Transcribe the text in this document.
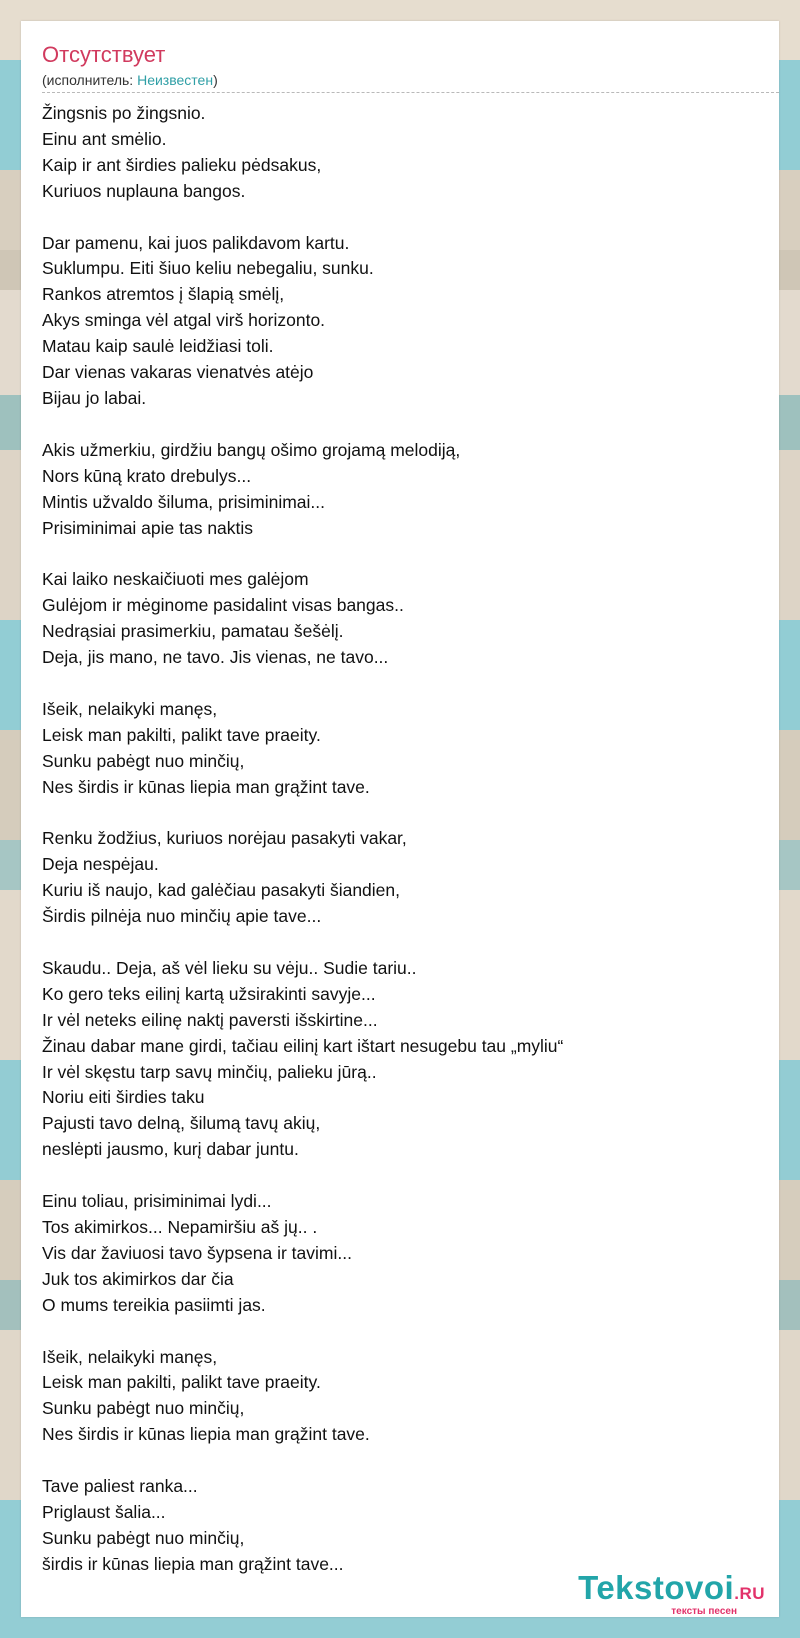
Отсутствует
(исполнитель: Неизвестен)
Žingsnis po žingsnio.
Einu ant smėlio.
Kaip ir ant širdies palieku pėdsakus,
Kuriuos nuplauna bangos.

Dar pamenu, kai juos palikdavom kartu.
Suklumpu. Eiti šiuo keliu nebegaliu, sunku.
Rankos atremtos į šlapią smėlį,
Akys sminga vėl atgal virš horizonto.
Matau kaip saulė leidžiasi toli.
Dar vienas vakaras vienatvės atėjo
Bijau jo labai.

Akis užmerkiu, girdžiu bangų ošimo grojamą melodiją,
Nors kūną krato drebulys...
Mintis užvaldo šiluma, prisiminimai...
Prisiminimai apie tas naktis

Kai laiko neskaičiuoti mes galėjom
Gulėjom ir mėginome pasidalint visas bangas..
Nedrąsiai prasimerkiu, pamatau šešėlį.
Deja, jis mano, ne tavo. Jis vienas, ne tavo...

Išeik, nelaikyki manęs,
Leisk man pakilti, palikt tave praeity.
Sunku pabėgt nuo minčių,
Nes širdis ir kūnas liepia man grąžint tave.

Renku žodžius, kuriuos norėjau pasakyti vakar,
Deja nespėjau.
Kuriu iš naujo, kad galėčiau pasakyti šiandien,
Širdis pilnėja nuo minčių apie tave...

Skaudu.. Deja, aš vėl lieku su vėju.. Sudie tariu..
Ko gero teks eilinį kartą užsirakinti savyje...
Ir vėl neteks eilinę naktį paversti išskirtine...
Žinau dabar mane girdi, tačiau eilinį kart ištart nesugebu tau „myliu“
Ir vėl skęstu tarp savų minčių, palieku jūrą..
Noriu eiti širdies taku
Pajusti tavo delną, šilumą tavų akių,
neslėpti jausmo, kurį dabar juntu.

Einu toliau, prisiminimai lydi...
Tos akimirkos... Nepamiršiu aš jų.. .
Vis dar žaviuosi tavo šypsena ir tavimi...
Juk tos akimirkos dar čia
O mums tereikia pasiimti jas.

Išeik, nelaikyki manęs,
Leisk man pakilti, palikt tave praeity.
Sunku pabėgt nuo minčių,
Nes širdis ir kūnas liepia man grąžint tave.

Tave paliest ranka...
Priglaust šalia...
Sunku pabėgt nuo minčių,
širdis ir kūnas liepia man grąžint tave...
Tekstovoi.RU
тексты песен
